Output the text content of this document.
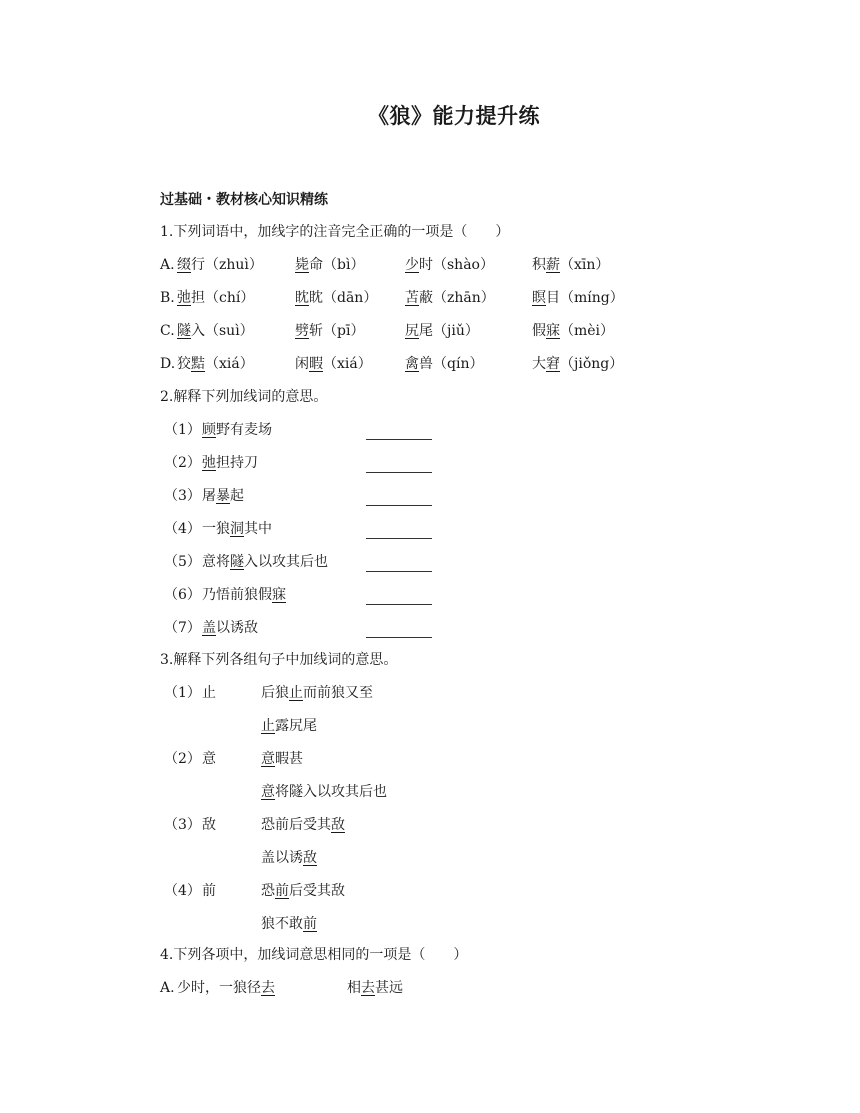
《狼》能力提升练
过基础・教材核心知识精练
1.下列词语中，加线字的注音完全正确的一项是（　　）
A. 缀行（zhuì） 毙命（bì）	少时（shào）	积薪（xīn）
B. 弛担（chí）	眈眈（dān） 苫蔽（zhān）	瞑目（míng）
C. 隧入（suì）	劈斩（pī）	尻尾（jiǔ）	假寐（mèi）
D. 狡黠（xiá）	闲暇（xiá） 禽兽（qín）	大窘（jiǒng）
2.解释下列加线词的意思。
（1） 顾野有麦场
（2） 弛担持刀
（3） 屠暴起
（4） 一狼洞其中
（5） 意将隧入以攻其后也
（6） 乃悟前狼假寐
（7） 盖以诱敌
3.解释下列各组句子中加线词的意思。
（1） 止	后狼止而前狼又至
止露尻尾
（2） 意	意暇甚
意将隧入以攻其后也
（3） 敌	恐前后受其敌
盖以诱敌
（4） 前	恐前后受其敌
狼不敢前
4.下列各项中，加线词意思相同的一项是（　　）
A. 少时，一狼径去	相去甚远
